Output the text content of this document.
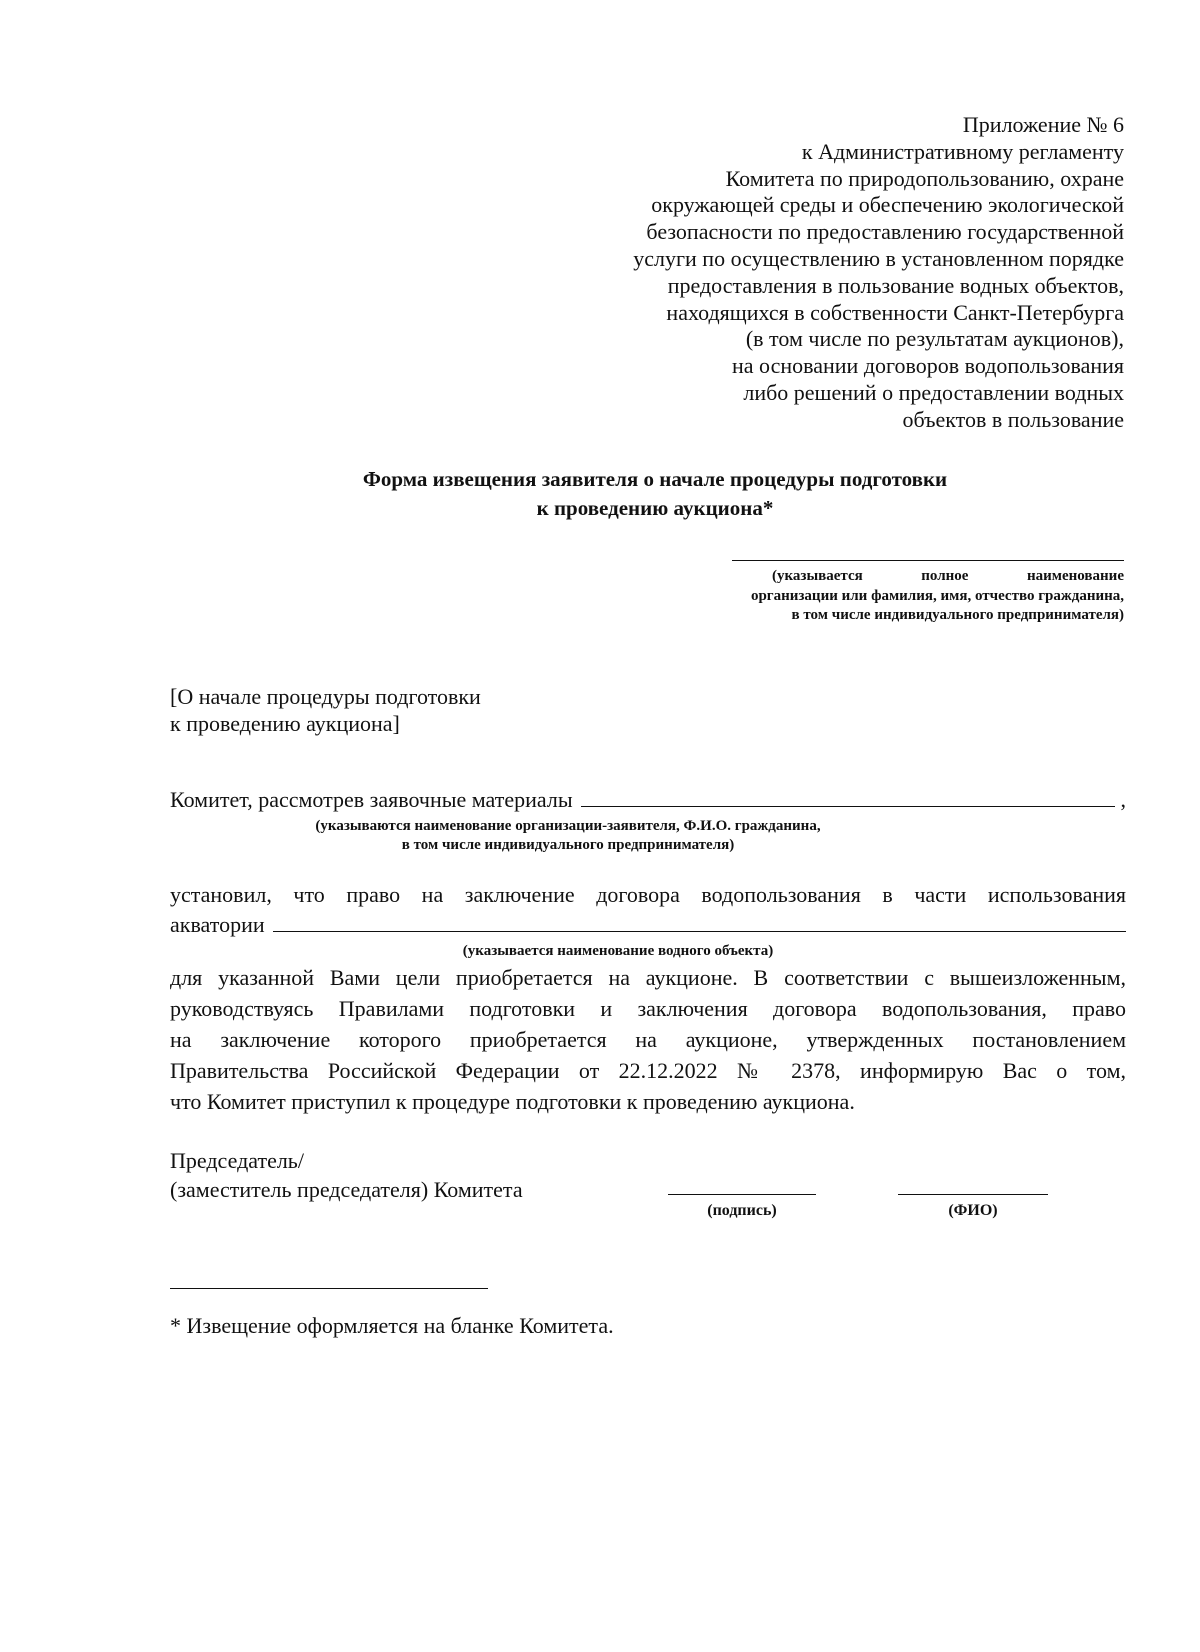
Приложение № 6
к Административному регламенту
Комитета по природопользованию, охране
окружающей среды и обеспечению экологической
безопасности по предоставлению государственной
услуги по осуществлению в установленном порядке
предоставления в пользование водных объектов,
находящихся в собственности Санкт-Петербурга
(в том числе по результатам аукционов),
на основании договоров водопользования
либо решений о предоставлении водных
объектов в пользование
Форма извещения заявителя о начале процедуры подготовки
к проведению аукциона*
(указывается	полное	наименование
организации или фамилия, имя, отчество гражданина,
в том числе индивидуального предпринимателя)
[О начале процедуры подготовки
к проведению аукциона]
Комитет, рассмотрев заявочные материалы	,
(указываются наименование организации-заявителя, Ф.И.О. гражданина,
в том числе индивидуального предпринимателя)
установил, что право на заключение договора водопользования в части использования
акватории
(указывается наименование водного объекта)
для указанной Вами цели приобретается на аукционе. В соответствии с вышеизложенным,
руководствуясь Правилами подготовки и заключения договора водопользования, право
на заключение которого приобретается на аукционе, утвержденных постановлением
Правительства Российской Федерации от 22.12.2022 № 2378, информирую Вас о том,
что Комитет приступил к процедуре подготовки к проведению аукциона.
Председатель/
(заместитель председателя) Комитета
(подпись)	(ФИО)
* Извещение оформляется на бланке Комитета.
